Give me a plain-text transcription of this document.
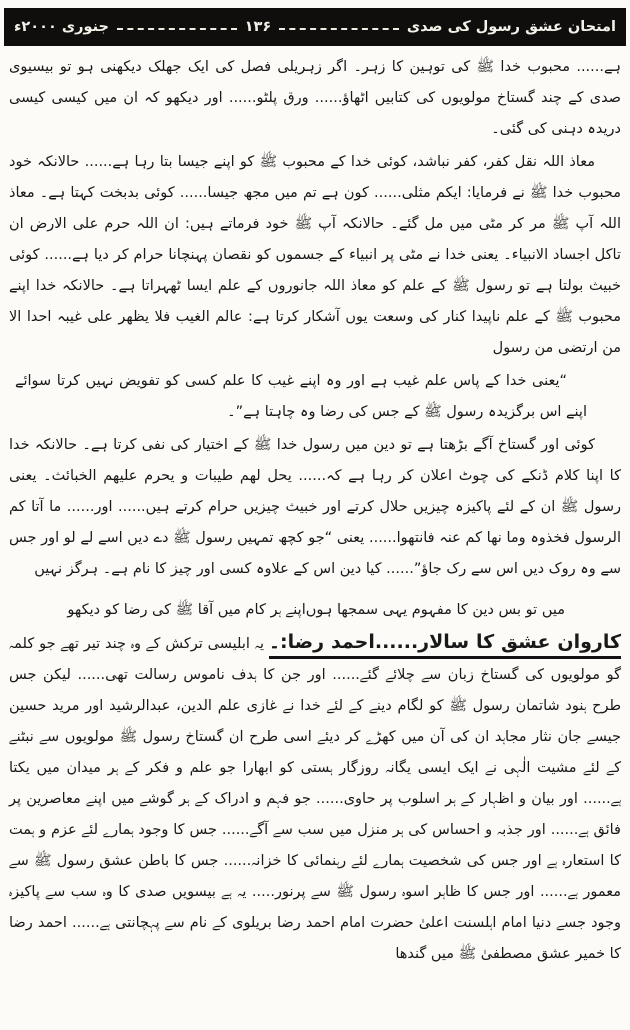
امتحان عشق رسول کی صدی
۱۳۶
جنوری ۲۰۰۰ء

ہے...... محبوب خدا ﷺ کی توہین کا زہر۔ اگر زہریلی فصل کی ایک جھلک دیکھنی ہو تو بیسیوی صدی کے چند گستاخ مولویوں کی کتابیں اٹھاؤ...... ورق پلٹو...... اور دیکھو کہ ان میں کیسی کیسی دریدہ دہنی کی گئی۔

معاذ اللہ نقل کفر، کفر نباشد، کوئی خدا کے محبوب ﷺ کو اپنے جیسا بتا رہا ہے...... حالانکہ خود محبوب خدا ﷺ نے فرمایا: ایکم مثلی...... کون ہے تم میں مجھ جیسا...... کوئی بدبخت کہتا ہے۔ معاذ اللہ آپ ﷺ مر کر مٹی میں مل گئے۔ حالانکہ آپ ﷺ خود فرماتے ہیں: ان اللہ حرم علی الارض ان تاکل اجساد الانبیاء۔ یعنی خدا نے مٹی پر انبیاء کے جسموں کو نقصان پہنچانا حرام کر دیا ہے...... کوئی خبیث بولتا ہے تو رسول ﷺ کے علم کو معاذ اللہ جانوروں کے علم ایسا ٹھہراتا ہے۔ حالانکہ خدا اپنے محبوب ﷺ کے علم ناپیدا کنار کی وسعت یوں آشکار کرتا ہے: عالم الغیب فلا یظھر علی غیبہ احدا الا من ارتضی من رسول

“یعنی خدا کے پاس علم غیب ہے اور وہ اپنے غیب کا علم کسی کو تفویض نہیں کرتا سوائے اپنے اس برگزیدہ رسول ﷺ کے جس کی رضا وہ چاہتا ہے”۔

کوئی اور گستاخ آگے بڑھتا ہے تو دین میں رسول خدا ﷺ کے اختیار کی نفی کرتا ہے۔ حالانکہ خدا کا اپنا کلام ڈنکے کی چوٹ اعلان کر رہا ہے کہ...... یحل لھم طیبات و یحرم علیھم الخبائث۔ یعنی رسول ﷺ ان کے لئے پاکیزہ چیزیں حلال کرتے اور خبیث چیزیں حرام کرتے ہیں...... اور...... ما آتا کم الرسول فخذوہ وما نھا کم عنہ فانتھوا...... یعنی “جو کچھ تمہیں رسول ﷺ دے دیں اسے لے لو اور جس سے وہ روک دیں اس سے رک جاؤ”...... کیا دین اس کے علاوہ کسی اور چیز کا نام ہے۔ ہرگز نہیں

میں تو بس دین کا مفہوم یہی سمجھا ہوں
اپنے ہر کام میں آقا ﷺ کی رضا کو دیکھو

کاروان عشق کا سالار......احمد رضا:۔ یہ ابلیسی ترکش کے وہ چند تیر تھے جو کلمہ گو مولویوں کی گستاخ زبان سے چلائے گئے...... اور جن کا ہدف ناموس رسالت تھی...... لیکن جس طرح ہنود شاتمان رسول ﷺ کو لگام دینے کے لئے خدا نے غازی علم الدین، عبدالرشید اور مرید حسین جیسے جان نثار مجاہد ان کی آن میں کھڑے کر دیئے اسی طرح ان گستاخ رسول ﷺ مولویوں سے نبٹنے کے لئے مشیت الٰہی نے ایک ایسی یگانہ روزگار ہستی کو ابھارا جو علم و فکر کے ہر میدان میں یکتا ہے...... اور بیان و اظہار کے ہر اسلوب پر حاوی...... جو فہم و ادراک کے ہر گوشے میں اپنے معاصرین پر فائق ہے...... اور جذبہ و احساس کی ہر منزل میں سب سے آگے...... جس کا وجود ہمارے لئے عزم و ہمت کا استعارہ ہے اور جس کی شخصیت ہمارے لئے رہنمائی کا خزانہ...... جس کا باطن عشق رسول ﷺ سے معمور ہے...... اور جس کا ظاہر اسوہ رسول ﷺ سے پرنور..... یہ ہے بیسویں صدی کا وہ سب سے پاکیزہ وجود جسے دنیا امام اہلسنت اعلیٰ حضرت امام احمد رضا بریلوی کے نام سے پہچانتی ہے...... احمد رضا کا خمیر عشق مصطفیٰ ﷺ میں گندھا
